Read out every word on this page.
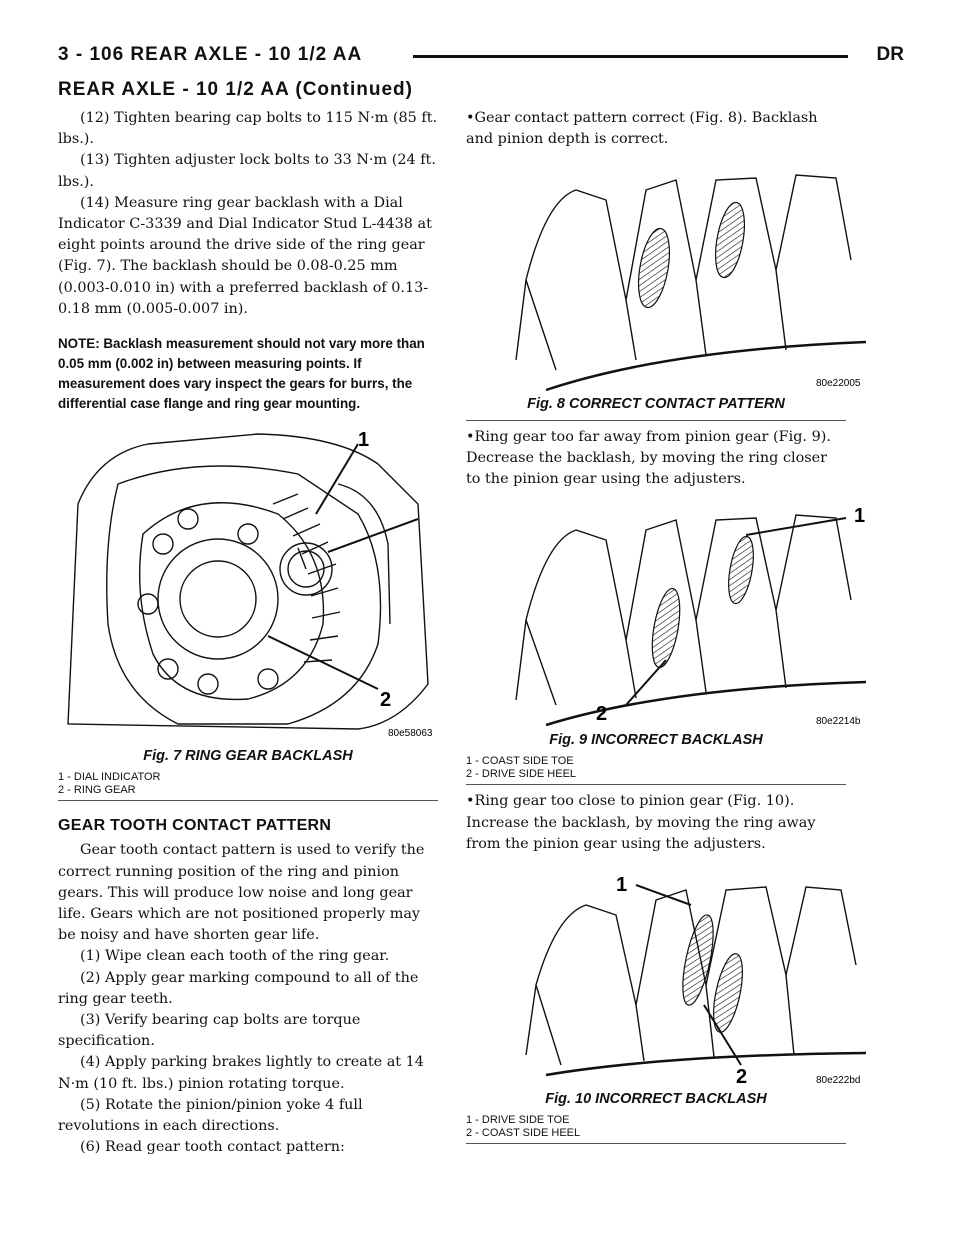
3 - 106 REAR AXLE - 10 1/2 AA	DR
REAR AXLE - 10 1/2 AA (Continued)

(12) Tighten bearing cap bolts to 115 N·m (85 ft. lbs.).

(13) Tighten adjuster lock bolts to 33 N·m (24 ft. lbs.).

(14) Measure ring gear backlash with a Dial Indicator C-3339 and Dial Indicator Stud L-4438 at eight points around the drive side of the ring gear (Fig. 7). The backlash should be 0.08-0.25 mm (0.003-0.010 in) with a preferred backlash of 0.13-0.18 mm (0.005-0.007 in).

NOTE: Backlash measurement should not vary more than 0.05 mm (0.002 in) between measuring points. If measurement does vary inspect the gears for burrs, the differential case flange and ring gear mounting.

1
2
80e58063
Fig. 7 RING GEAR BACKLASH
1 - DIAL INDICATOR
2 - RING GEAR
GEAR TOOTH CONTACT PATTERN

Gear tooth contact pattern is used to verify the correct running position of the ring and pinion gears. This will produce low noise and long gear life. Gears which are not positioned properly may be noisy and have shorten gear life.

(1) Wipe clean each tooth of the ring gear.

(2) Apply gear marking compound to all of the ring gear teeth.

(3) Verify bearing cap bolts are torque specification.

(4) Apply parking brakes lightly to create at 14 N·m (10 ft. lbs.) pinion rotating torque.

(5) Rotate the pinion/pinion yoke 4 full revolutions in each directions.

(6) Read gear tooth contact pattern:

•Gear contact pattern correct (Fig. 8). Backlash and pinion depth is correct.

80e22005
Fig. 8 CORRECT CONTACT PATTERN

•Ring gear too far away from pinion gear (Fig. 9). Decrease the backlash, by moving the ring closer to the pinion gear using the adjusters.

1
2	80e2214b
Fig. 9 INCORRECT BACKLASH
1 - COAST SIDE TOE
2 - DRIVE SIDE HEEL

•Ring gear too close to pinion gear (Fig. 10). Increase the backlash, by moving the ring away from the pinion gear using the adjusters.

1
2	80e222bd
Fig. 10 INCORRECT BACKLASH
1 - DRIVE SIDE TOE
2 - COAST SIDE HEEL
